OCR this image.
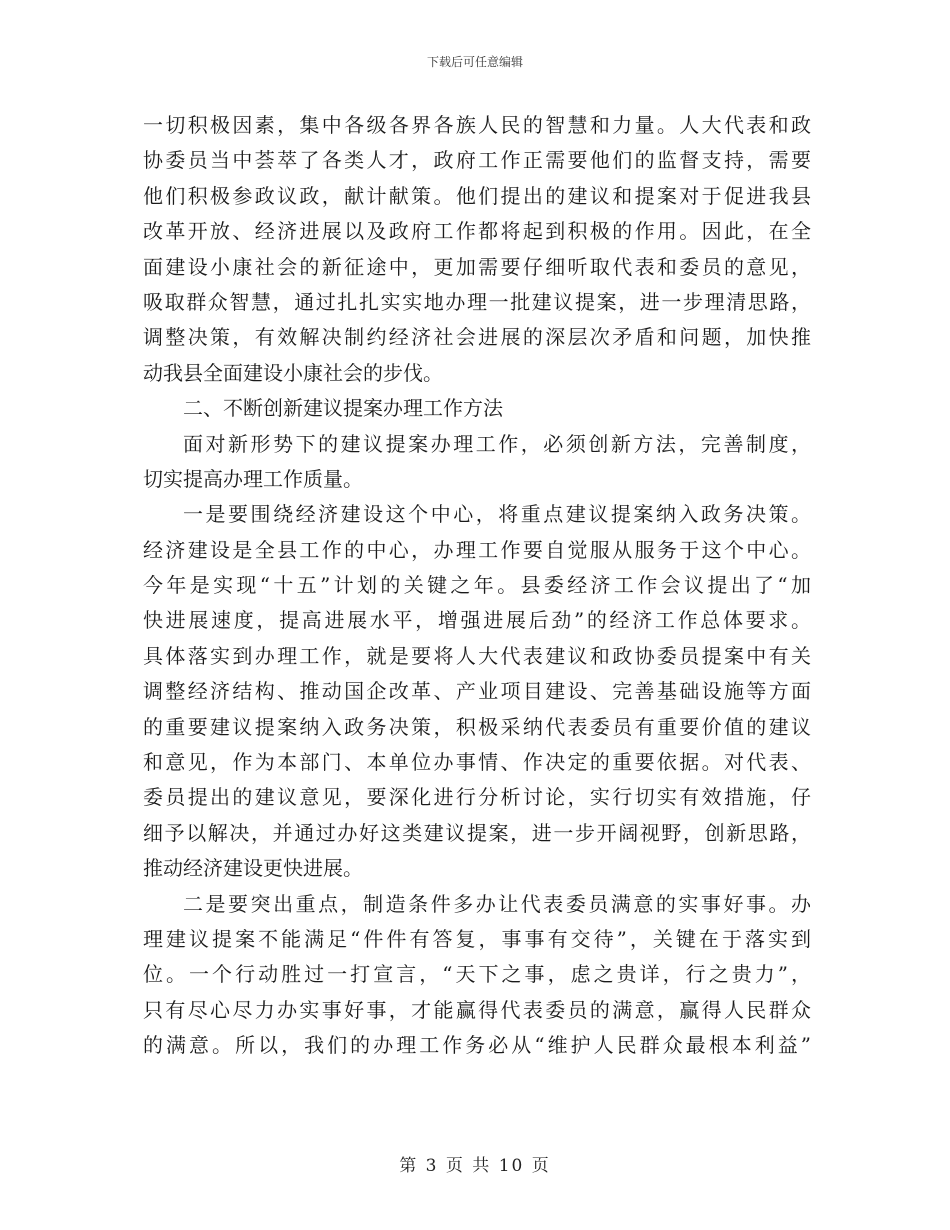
下载后可任意编辑
一切积极因素，集中各级各界各族人民的智慧和力量。人大代表和政
协委员当中荟萃了各类人才，政府工作正需要他们的监督支持，需要
他们积极参政议政，献计献策。他们提出的建议和提案对于促进我县
改革开放、经济进展以及政府工作都将起到积极的作用。因此，在全
面建设小康社会的新征途中，更加需要仔细听取代表和委员的意见，
吸取群众智慧，通过扎扎实实地办理一批建议提案，进一步理清思路，
调整决策，有效解决制约经济社会进展的深层次矛盾和问题，加快推
动我县全面建设小康社会的步伐。
二、不断创新建议提案办理工作方法
面对新形势下的建议提案办理工作，必须创新方法，完善制度，
切实提高办理工作质量。
一是要围绕经济建设这个中心，将重点建议提案纳入政务决策。
经济建设是全县工作的中心，办理工作要自觉服从服务于这个中心。
今年是实现“十五”计划的关键之年。县委经济工作会议提出了“加
快进展速度，提高进展水平，增强进展后劲”的经济工作总体要求。
具体落实到办理工作，就是要将人大代表建议和政协委员提案中有关
调整经济结构、推动国企改革、产业项目建设、完善基础设施等方面
的重要建议提案纳入政务决策，积极采纳代表委员有重要价值的建议
和意见，作为本部门、本单位办事情、作决定的重要依据。对代表、
委员提出的建议意见，要深化进行分析讨论，实行切实有效措施，仔
细予以解决，并通过办好这类建议提案，进一步开阔视野，创新思路，
推动经济建设更快进展。
二是要突出重点，制造条件多办让代表委员满意的实事好事。办
理建议提案不能满足“件件有答复，事事有交待”，关键在于落实到
位。一个行动胜过一打宣言，“天下之事，虑之贵详，行之贵力”，
只有尽心尽力办实事好事，才能赢得代表委员的满意，赢得人民群众
的满意。所以，我们的办理工作务必从“维护人民群众最根本利益”
第 3 页 共 10 页
